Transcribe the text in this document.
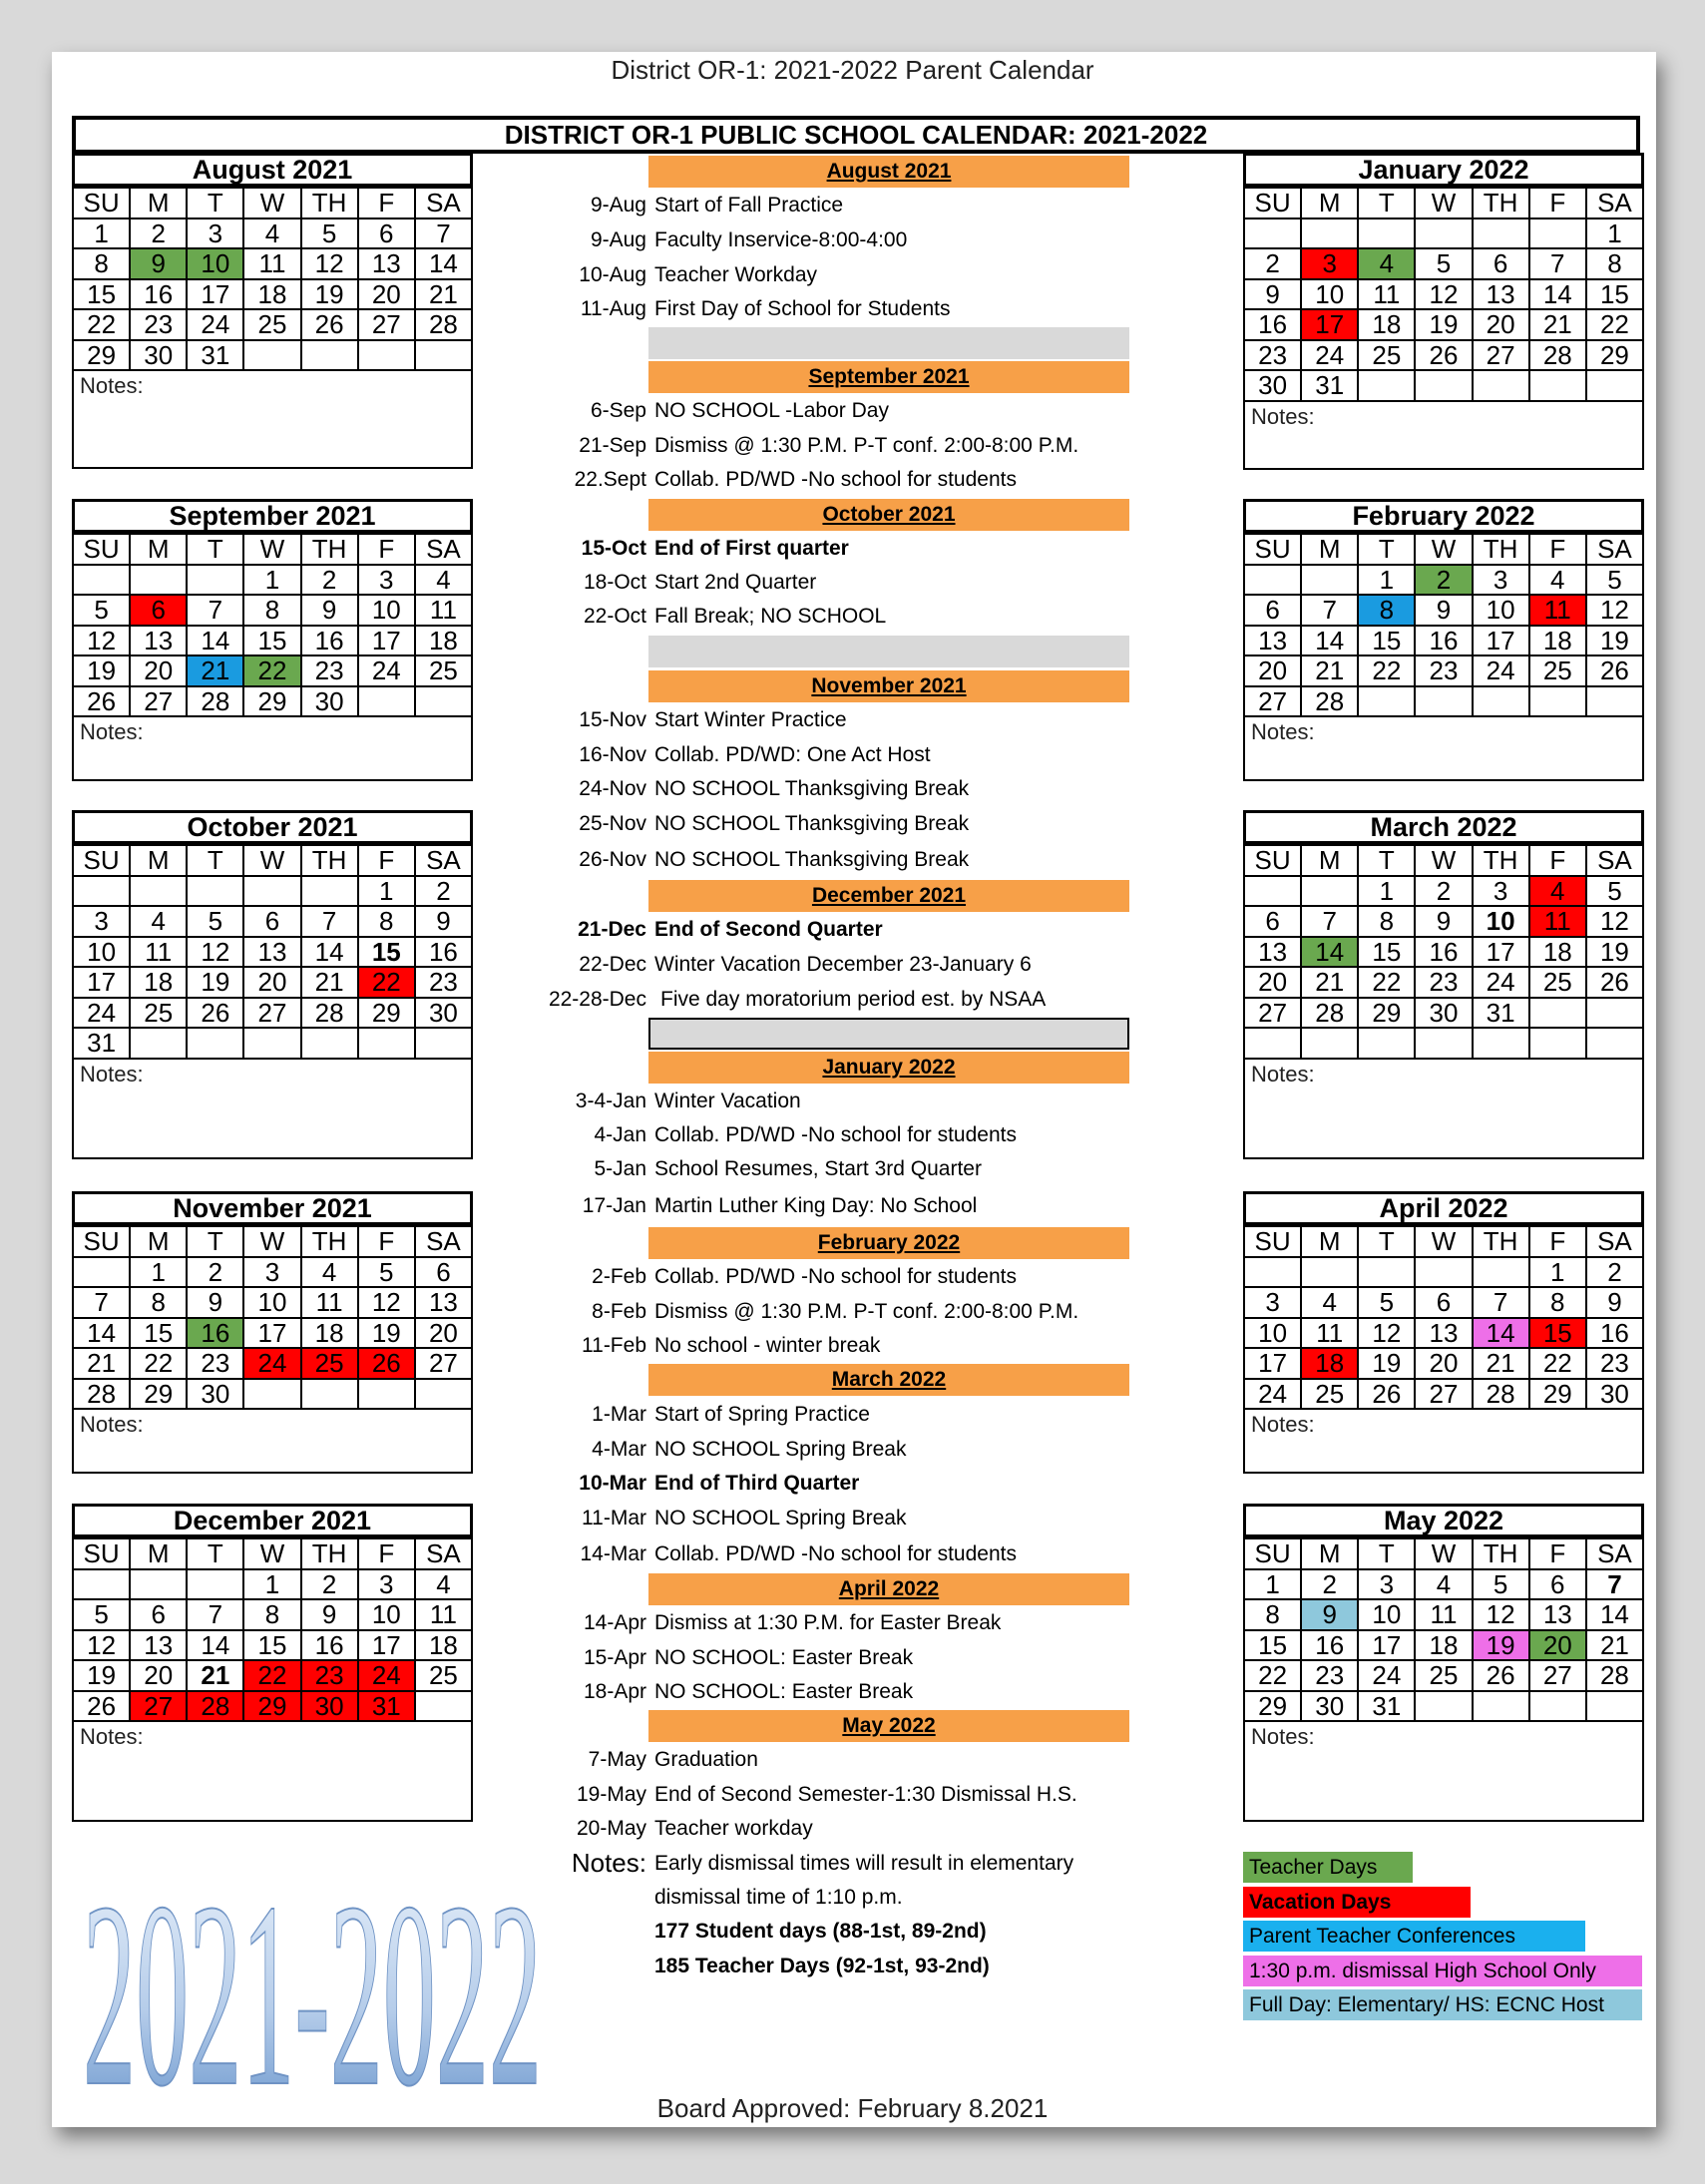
District OR-1: 2021-2022 Parent Calendar
DISTRICT OR-1 PUBLIC SCHOOL CALENDAR: 2021-2022
August 2021
SU	M	T	W	TH	F	SA
1	2	3	4	5	6	7
8	9	10	11	12	13	14
15	16	17	18	19	20	21
22	23	24	25	26	27	28
29	30	31				
Notes:
September 2021
SU	M	T	W	TH	F	SA
			1	2	3	4
5	6	7	8	9	10	11
12	13	14	15	16	17	18
19	20	21	22	23	24	25
26	27	28	29	30		
Notes:
October 2021
SU	M	T	W	TH	F	SA
					1	2
3	4	5	6	7	8	9
10	11	12	13	14	15	16
17	18	19	20	21	22	23
24	25	26	27	28	29	30
31						
Notes:
November 2021
SU	M	T	W	TH	F	SA
	1	2	3	4	5	6
7	8	9	10	11	12	13
14	15	16	17	18	19	20
21	22	23	24	25	26	27
28	29	30				
Notes:
December 2021
SU	M	T	W	TH	F	SA
			1	2	3	4
5	6	7	8	9	10	11
12	13	14	15	16	17	18
19	20	21	22	23	24	25
26	27	28	29	30	31	
Notes:
January 2022
SU	M	T	W	TH	F	SA
						1
2	3	4	5	6	7	8
9	10	11	12	13	14	15
16	17	18	19	20	21	22
23	24	25	26	27	28	29
30	31					
Notes:
February 2022
SU	M	T	W	TH	F	SA
		1	2	3	4	5
6	7	8	9	10	11	12
13	14	15	16	17	18	19
20	21	22	23	24	25	26
27	28					
Notes:
March 2022
SU	M	T	W	TH	F	SA
		1	2	3	4	5
6	7	8	9	10	11	12
13	14	15	16	17	18	19
20	21	22	23	24	25	26
27	28	29	30	31		

Notes:
April 2022
SU	M	T	W	TH	F	SA
					1	2
3	4	5	6	7	8	9
10	11	12	13	14	15	16
17	18	19	20	21	22	23
24	25	26	27	28	29	30
Notes:
May 2022
SU	M	T	W	TH	F	SA
1	2	3	4	5	6	7
8	9	10	11	12	13	14
15	16	17	18	19	20	21
22	23	24	25	26	27	28
29	30	31				
Notes:
August 2021
9-Aug Start of Fall Practice
9-Aug Faculty Inservice-8:00-4:00
10-Aug Teacher Workday
11-Aug First Day of School for Students
September 2021
6-Sep NO SCHOOL -Labor Day
21-Sep Dismiss @ 1:30 P.M. P-T conf. 2:00-8:00 P.M.
22.Sept Collab. PD/WD -No school for students
October 2021
15-Oct End of First quarter
18-Oct Start 2nd Quarter
22-Oct Fall Break; NO SCHOOL
November 2021
15-Nov Start Winter Practice
16-Nov Collab. PD/WD: One Act Host
24-Nov NO SCHOOL Thanksgiving Break
25-Nov NO SCHOOL Thanksgiving Break
26-Nov NO SCHOOL Thanksgiving Break
December 2021
21-Dec End of Second Quarter
22-Dec Winter Vacation December 23-January 6
22-28-Dec Five day moratorium period est. by NSAA
January 2022
3-4-Jan Winter Vacation
4-Jan Collab. PD/WD -No school for students
5-Jan School Resumes, Start 3rd Quarter
17-Jan Martin Luther King Day: No School
February 2022
2-Feb Collab. PD/WD -No school for students
8-Feb Dismiss @ 1:30 P.M. P-T conf. 2:00-8:00 P.M.
11-Feb No school - winter break
March 2022
1-Mar Start of Spring Practice
4-Mar NO SCHOOL Spring Break
10-Mar End of Third Quarter
11-Mar NO SCHOOL Spring Break
14-Mar Collab. PD/WD -No school for students
April 2022
14-Apr Dismiss at 1:30 P.M. for Easter Break
15-Apr NO SCHOOL: Easter Break
18-Apr NO SCHOOL: Easter Break
May 2022
7-May Graduation
19-May End of Second Semester-1:30 Dismissal H.S.
20-May Teacher workday
Notes: Early dismissal times will result in elementary
dismissal time of 1:10 p.m.
177 Student days (88-1st, 89-2nd)
185 Teacher Days (92-1st, 93-2nd)
Teacher Days
Vacation Days
Parent Teacher Conferences
1:30 p.m. dismissal High School Only
Full Day: Elementary/ HS: ECNC Host
2021-2022	Board Approved: February 8.2021
